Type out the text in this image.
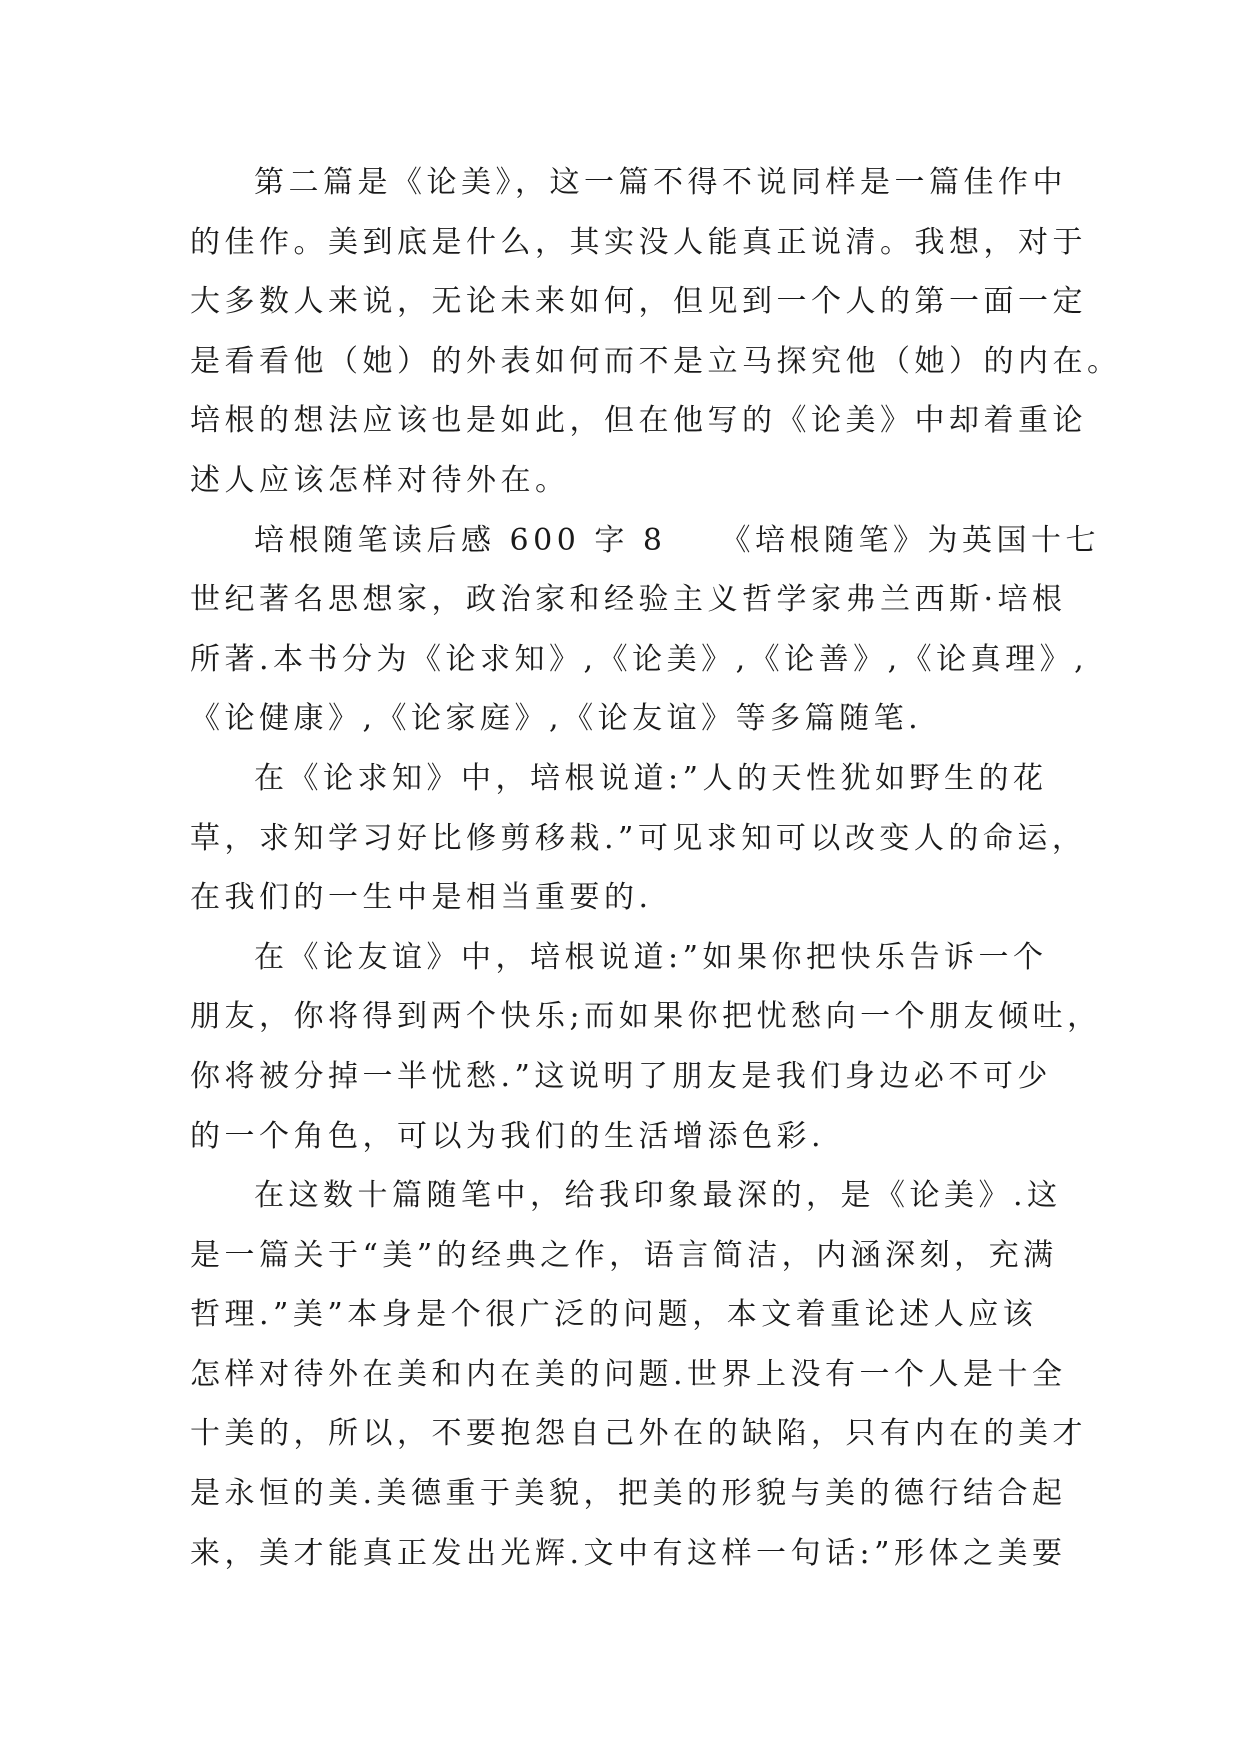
第二篇是《论美》，这一篇不得不说同样是一篇佳作中
的佳作。美到底是什么，其实没人能真正说清。我想，对于
大多数人来说，无论未来如何，但见到一个人的第一面一定
是看看他（她）的外表如何而不是立马探究他（她）的内在。
培根的想法应该也是如此，但在他写的《论美》中却着重论
述人应该怎样对待外在。
培根随笔读后感 600 字 8　　《培根随笔》为英国十七
世纪著名思想家，政治家和经验主义哲学家弗兰西斯·培根
所著.本书分为《论求知》,《论美》,《论善》,《论真理》,
《论健康》,《论家庭》,《论友谊》等多篇随笔.
在《论求知》中，培根说道:”人的天性犹如野生的花
草，求知学习好比修剪移栽.”可见求知可以改变人的命运，
在我们的一生中是相当重要的.
在《论友谊》中，培根说道:”如果你把快乐告诉一个
朋友，你将得到两个快乐;而如果你把忧愁向一个朋友倾吐，
你将被分掉一半忧愁.”这说明了朋友是我们身边必不可少
的一个角色，可以为我们的生活增添色彩.
在这数十篇随笔中，给我印象最深的，是《论美》.这
是一篇关于“美”的经典之作，语言简洁，内涵深刻，充满
哲理.”美”本身是个很广泛的问题，本文着重论述人应该
怎样对待外在美和内在美的问题.世界上没有一个人是十全
十美的，所以，不要抱怨自己外在的缺陷，只有内在的美才
是永恒的美.美德重于美貌，把美的形貌与美的德行结合起
来，美才能真正发出光辉.文中有这样一句话:”形体之美要
